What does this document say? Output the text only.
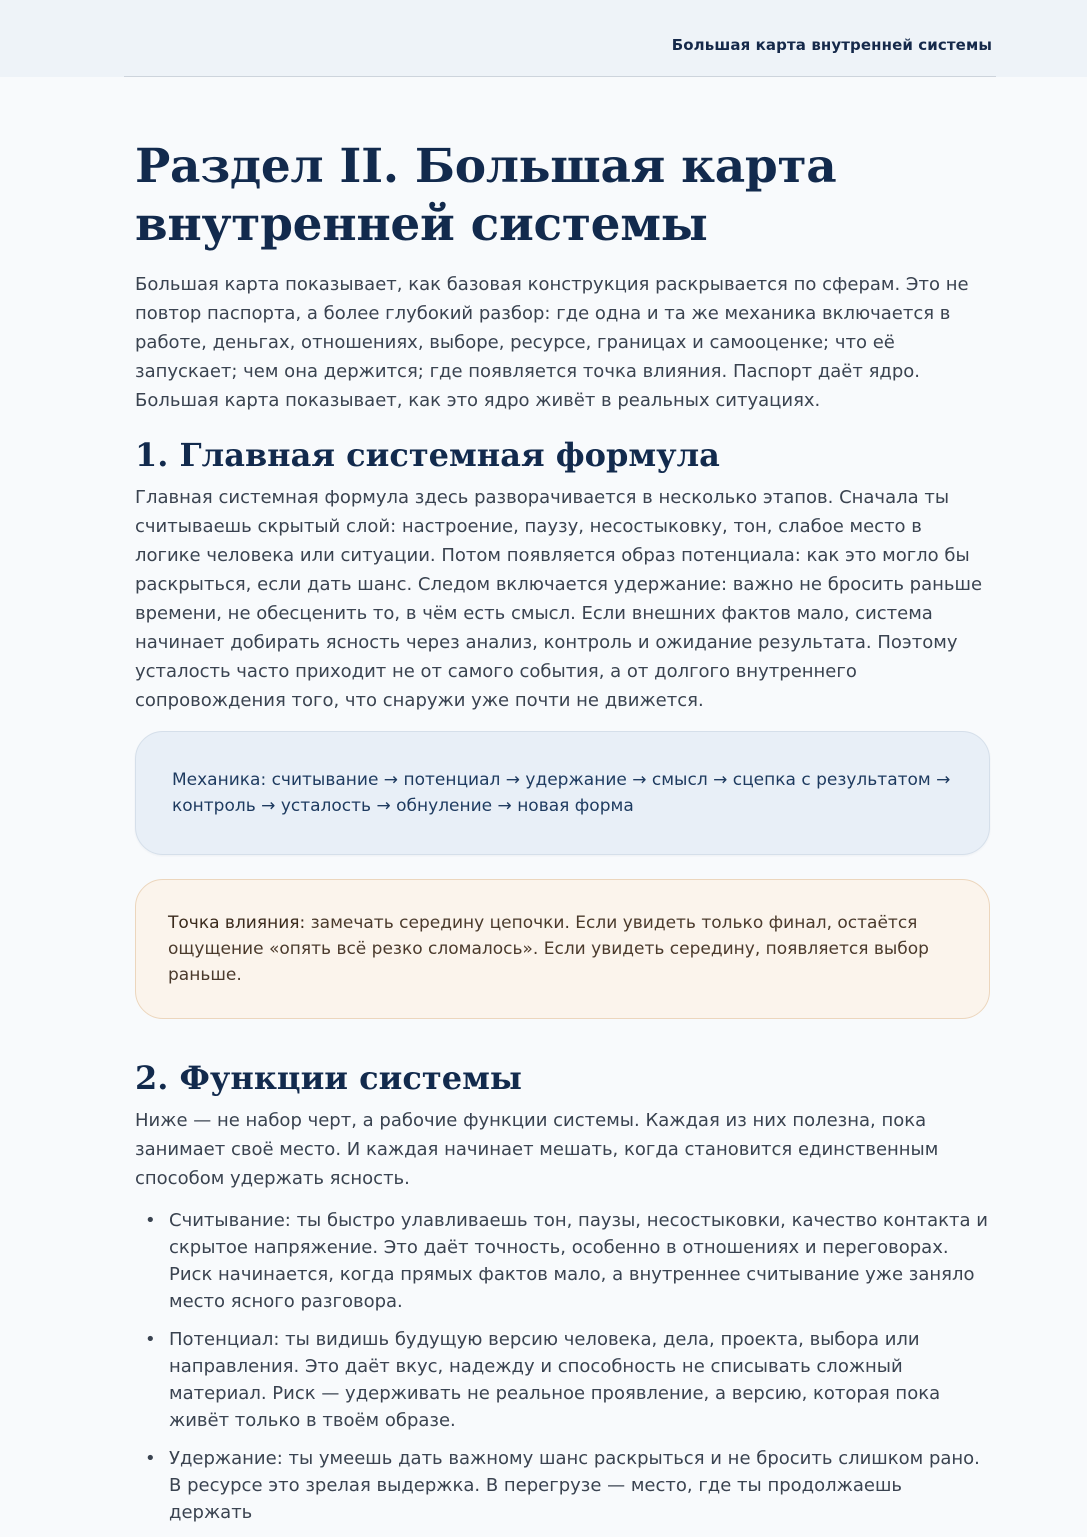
Большая карта внутренней системы
Раздел II. Большая карта внутренней системы

Большая карта показывает, как базовая конструкция раскрывается по сферам. Это не повтор паспорта, а более глубокий разбор: где одна и та же механика включается в работе, деньгах, отношениях, выборе, ресурсе, границах и самооценке; что её запускает; чем она держится; где появляется точка влияния. Паспорт даёт ядро. Большая карта показывает, как это ядро живёт в реальных ситуациях.

1. Главная системная формула

Главная системная формула здесь разворачивается в несколько этапов. Сначала ты считываешь скрытый слой: настроение, паузу, несостыковку, тон, слабое место в логике человека или ситуации. Потом появляется образ потенциала: как это могло бы раскрыться, если дать шанс. Следом включается удержание: важно не бросить раньше времени, не обесценить то, в чём есть смысл. Если внешних фактов мало, система начинает добирать ясность через анализ, контроль и ожидание результата. Поэтому усталость часто приходит не от самого события, а от долгого внутреннего сопровождения того, что снаружи уже почти не движется.

Механика: считывание → потенциал → удержание → смысл → сцепка с результатом → контроль → усталость → обнуление → новая форма
Точка влияния: замечать середину цепочки. Если увидеть только финал, остаётся ощущение «опять всё резко сломалось». Если увидеть середину, появляется выбор раньше.
2. Функции системы

Ниже — не набор черт, а рабочие функции системы. Каждая из них полезна, пока занимает своё место. И каждая начинает мешать, когда становится единственным способом удержать ясность.

• Считывание: ты быстро улавливаешь тон, паузы, несостыковки, качество контакта и скрытое напряжение. Это даёт точность, особенно в отношениях и переговорах. Риск начинается, когда прямых фактов мало, а внутреннее считывание уже заняло место ясного разговора.
• Потенциал: ты видишь будущую версию человека, дела, проекта, выбора или направления. Это даёт вкус, надежду и способность не списывать сложный материал. Риск — удерживать не реальное проявление, а версию, которая пока живёт только в твоём образе.
• Удержание: ты умеешь дать важному шанс раскрыться и не бросить слишком рано. В ресурсе это зрелая выдержка. В перегрузе — место, где ты продолжаешь держать
